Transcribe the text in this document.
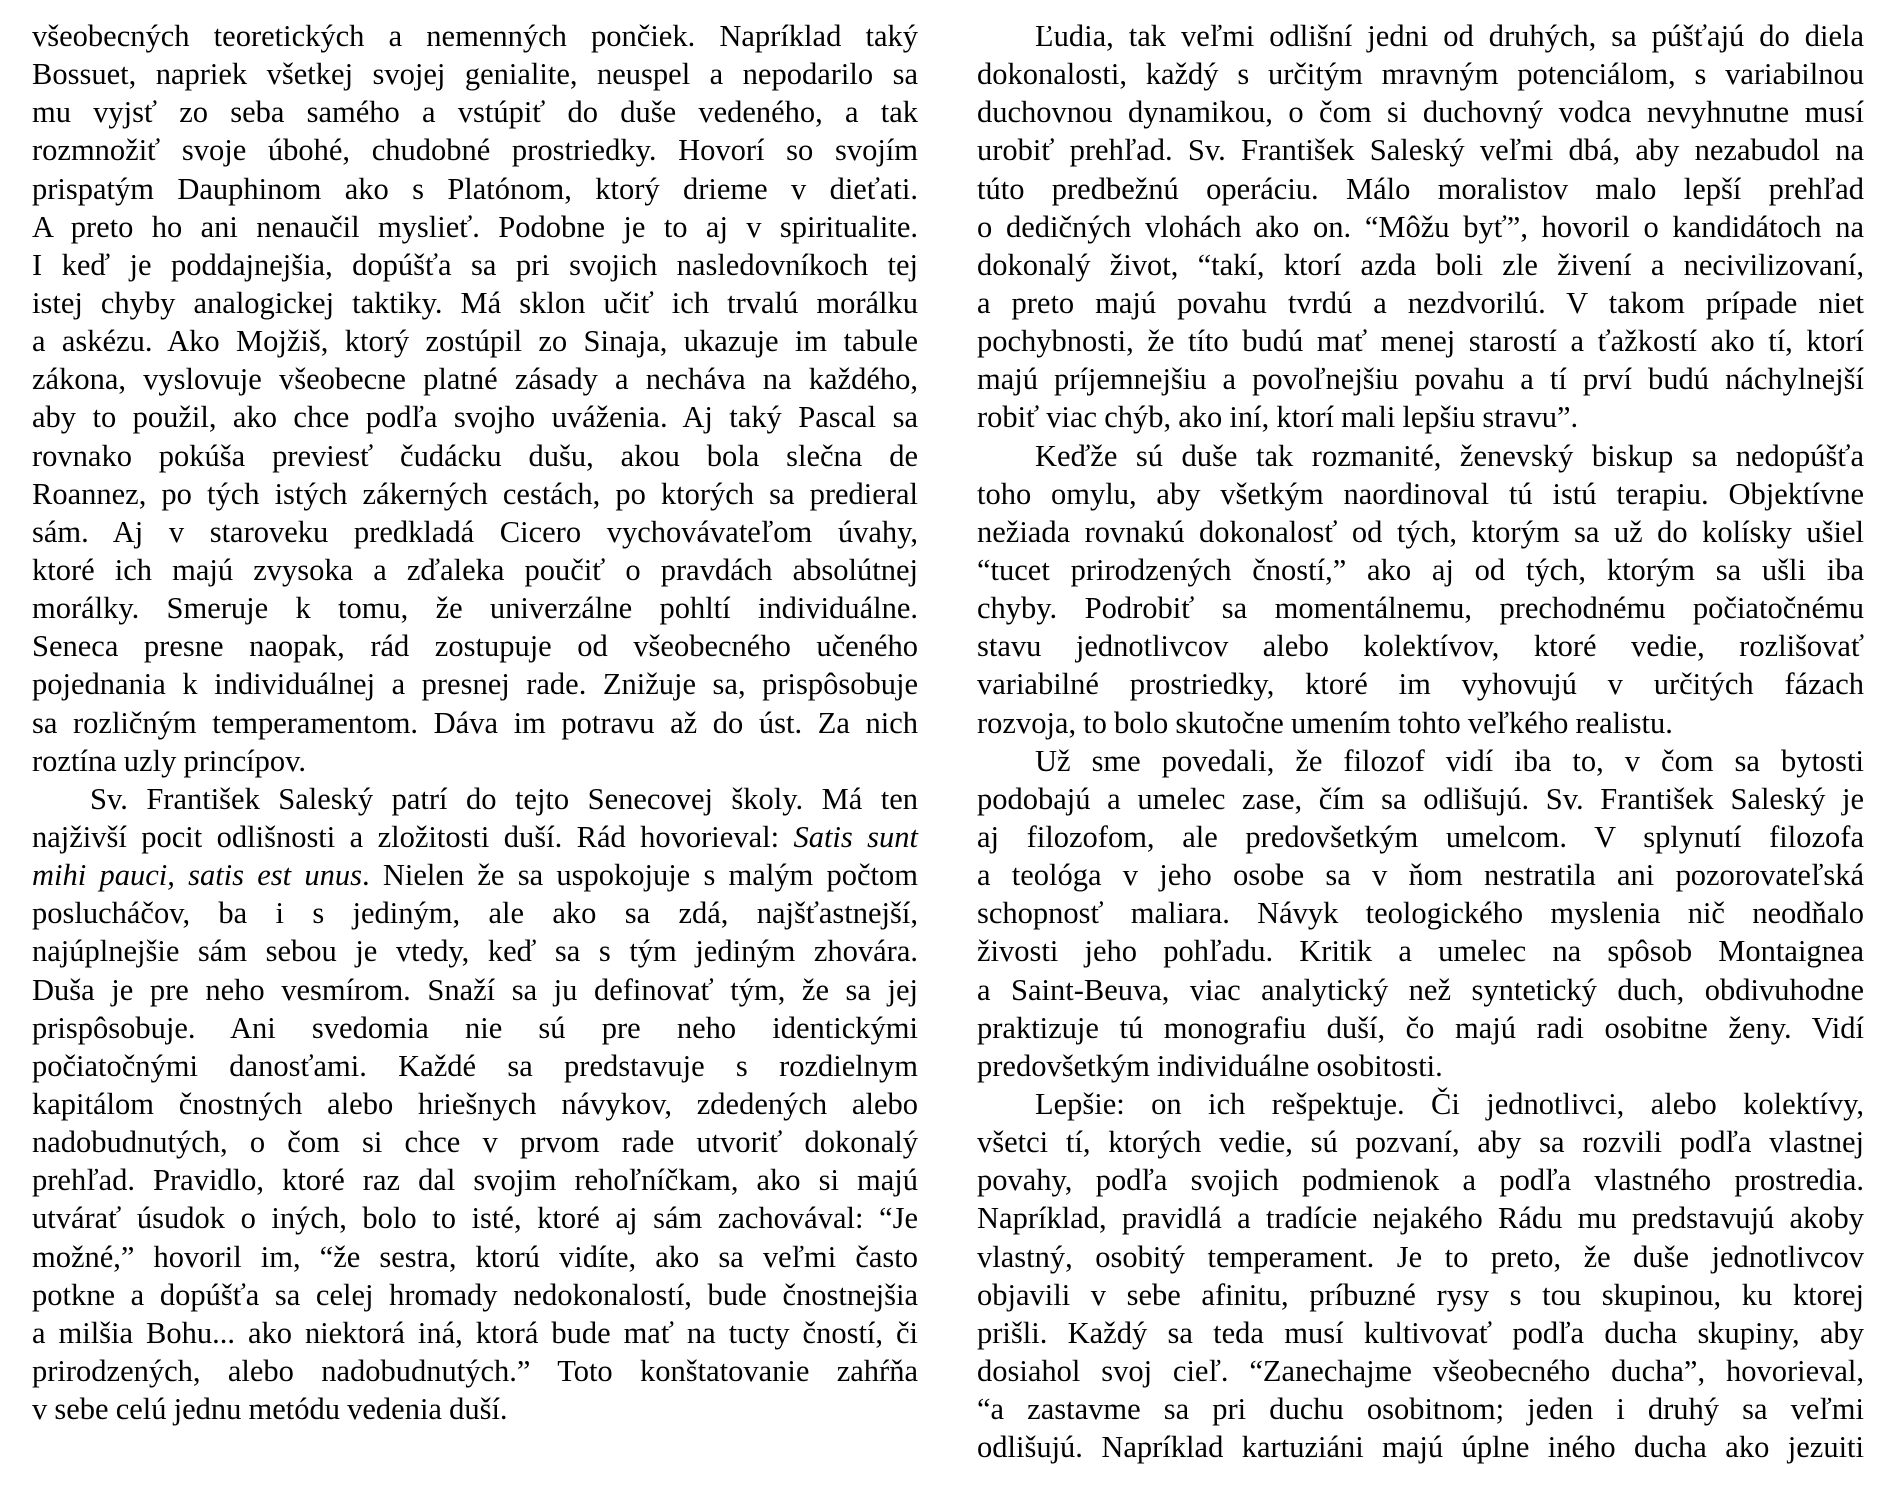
všeobecných teoretických a nemenných pončiek. Napríklad taký
Bossuet, napriek všetkej svojej genialite, neuspel a nepodarilo sa
mu vyjsť zo seba samého a vstúpiť do duše vedeného, a tak
rozmnožiť svoje úbohé, chudobné prostriedky. Hovorí so svojím
prispatým Dauphinom ako s Platónom, ktorý drieme v dieťati.
A preto ho ani nenaučil myslieť. Podobne je to aj v spiritualite.
I keď je poddajnejšia, dopúšťa sa pri svojich nasledovníkoch tej
istej chyby analogickej taktiky. Má sklon učiť ich trvalú morálku
a askézu. Ako Mojžiš, ktorý zostúpil zo Sinaja, ukazuje im tabule
zákona, vyslovuje všeobecne platné zásady a necháva na každého,
aby to použil, ako chce podľa svojho uváženia. Aj taký Pascal sa
rovnako pokúša previesť čudácku dušu, akou bola slečna de
Roannez, po tých istých zákerných cestách, po ktorých sa predieral
sám. Aj v staroveku predkladá Cicero vychovávateľom úvahy,
ktoré ich majú zvysoka a zďaleka poučiť o pravdách absolútnej
morálky. Smeruje k tomu, že univerzálne pohltí individuálne.
Seneca presne naopak, rád zostupuje od všeobecného učeného
pojednania k individuálnej a presnej rade. Znižuje sa, prispôsobuje
sa rozličným temperamentom. Dáva im potravu až do úst. Za nich
roztína uzly princípov.
Sv. František Saleský patrí do tejto Senecovej školy. Má ten
najživší pocit odlišnosti a zložitosti duší. Rád hovorieval: Satis sunt
mihi pauci, satis est unus. Nielen že sa uspokojuje s malým počtom
poslucháčov, ba i s jediným, ale ako sa zdá, najšťastnejší,
najúplnejšie sám sebou je vtedy, keď sa s tým jediným zhovára.
Duša je pre neho vesmírom. Snaží sa ju definovať tým, že sa jej
prispôsobuje. Ani svedomia nie sú pre neho identickými
počiatočnými danosťami. Každé sa predstavuje s rozdielnym
kapitálom čnostných alebo hriešnych návykov, zdedených alebo
nadobudnutých, o čom si chce v prvom rade utvoriť dokonalý
prehľad. Pravidlo, ktoré raz dal svojim rehoľníčkam, ako si majú
utvárať úsudok o iných, bolo to isté, ktoré aj sám zachovával: “Je
možné,” hovoril im, “že sestra, ktorú vidíte, ako sa veľmi často
potkne a dopúšťa sa celej hromady nedokonalostí, bude čnostnejšia
a milšia Bohu... ako niektorá iná, ktorá bude mať na tucty čností, či
prirodzených, alebo nadobudnutých.” Toto konštatovanie zahŕňa
v sebe celú jednu metódu vedenia duší.
Ľudia, tak veľmi odlišní jedni od druhých, sa púšťajú do diela
dokonalosti, každý s určitým mravným potenciálom, s variabilnou
duchovnou dynamikou, o čom si duchovný vodca nevyhnutne musí
urobiť prehľad. Sv. František Saleský veľmi dbá, aby nezabudol na
túto predbežnú operáciu. Málo moralistov malo lepší prehľad
o dedičných vlohách ako on. “Môžu byť”, hovoril o kandidátoch na
dokonalý život, “takí, ktorí azda boli zle živení a necivilizovaní,
a preto majú povahu tvrdú a nezdvorilú. V takom prípade niet
pochybnosti, že títo budú mať menej starostí a ťažkostí ako tí, ktorí
majú príjemnejšiu a povoľnejšiu povahu a tí prví budú náchylnejší
robiť viac chýb, ako iní, ktorí mali lepšiu stravu”.
Keďže sú duše tak rozmanité, ženevský biskup sa nedopúšťa
toho omylu, aby všetkým naordinoval tú istú terapiu. Objektívne
nežiada rovnakú dokonalosť od tých, ktorým sa už do kolísky ušiel
“tucet prirodzených čností,” ako aj od tých, ktorým sa ušli iba
chyby. Podrobiť sa momentálnemu, prechodnému počiatočnému
stavu jednotlivcov alebo kolektívov, ktoré vedie, rozlišovať
variabilné prostriedky, ktoré im vyhovujú v určitých fázach
rozvoja, to bolo skutočne umením tohto veľkého realistu.
Už sme povedali, že filozof vidí iba to, v čom sa bytosti
podobajú a umelec zase, čím sa odlišujú. Sv. František Saleský je
aj filozofom, ale predovšetkým umelcom. V splynutí filozofa
a teológa v jeho osobe sa v ňom nestratila ani pozorovateľská
schopnosť maliara. Návyk teologického myslenia nič neodňalo
živosti jeho pohľadu. Kritik a umelec na spôsob Montaignea
a Saint-Beuva, viac analytický než syntetický duch, obdivuhodne
praktizuje tú monografiu duší, čo majú radi osobitne ženy. Vidí
predovšetkým individuálne osobitosti.
Lepšie: on ich rešpektuje. Či jednotlivci, alebo kolektívy,
všetci tí, ktorých vedie, sú pozvaní, aby sa rozvili podľa vlastnej
povahy, podľa svojich podmienok a podľa vlastného prostredia.
Napríklad, pravidlá a tradície nejakého Rádu mu predstavujú akoby
vlastný, osobitý temperament. Je to preto, že duše jednotlivcov
objavili v sebe afinitu, príbuzné rysy s tou skupinou, ku ktorej
prišli. Každý sa teda musí kultivovať podľa ducha skupiny, aby
dosiahol svoj cieľ. “Zanechajme všeobecného ducha”, hovorieval,
“a zastavme sa pri duchu osobitnom; jeden i druhý sa veľmi
odlišujú. Napríklad kartuziáni majú úplne iného ducha ako jezuiti
